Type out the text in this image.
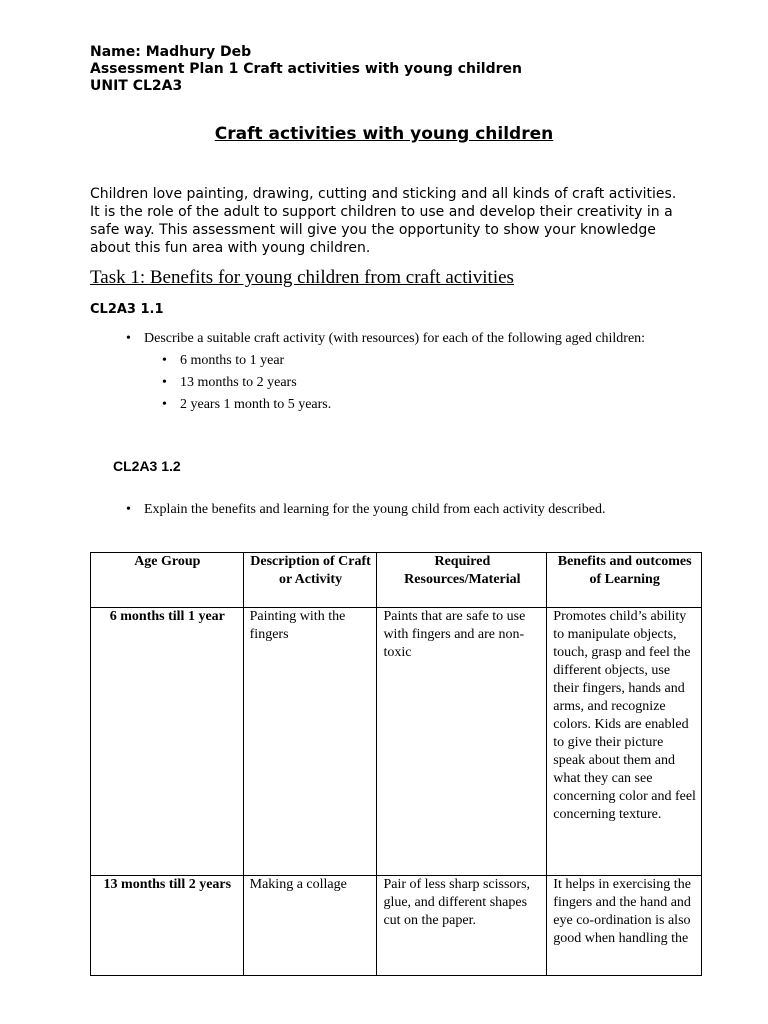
Name: Madhury Deb
Assessment Plan 1 Craft activities with young children
UNIT CL2A3
Craft activities with young children
Children love painting, drawing, cutting and sticking and all kinds of craft activities. It is the role of the adult to support children to use and develop their creativity in a safe way. This assessment will give you the opportunity to show your knowledge about this fun area with young children.
Task 1: Benefits for young children from craft activities
CL2A3 1.1
• Describe a suitable craft activity (with resources) for each of the following aged children:
• 6 months to 1 year
• 13 months to 2 years
• 2 years 1 month to 5 years.
CL2A3 1.2
• Explain the benefits and learning for the young child from each activity described.
Age Group	Description of Craft or Activity	Required Resources/Material	Benefits and outcomes of Learning
6 months till 1 year	Painting with the fingers	Paints that are safe to use with fingers and are non-toxic	Promotes child’s ability to manipulate objects, touch, grasp and feel the different objects, use their fingers, hands and arms, and recognize colors. Kids are enabled to give their picture speak about them and what they can see concerning color and feel concerning texture.
13 months till 2 years	Making a collage	Pair of less sharp scissors, glue, and different shapes cut on the paper.	It helps in exercising the fingers and the hand and eye co-ordination is also good when handling the
